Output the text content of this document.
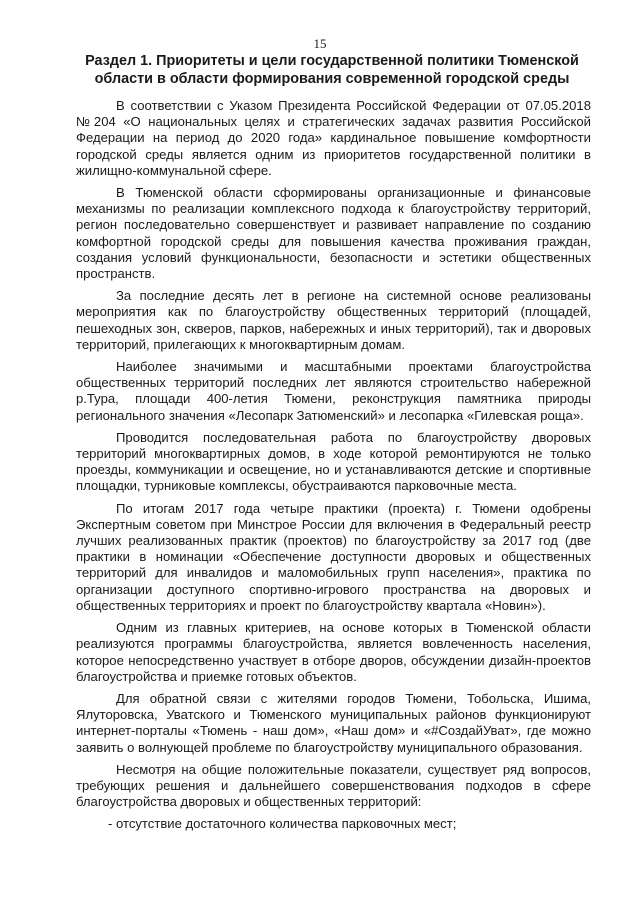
15
Раздел 1. Приоритеты и цели государственной политики Тюменской
области в области формирования современной городской среды

В соответствии с Указом Президента Российской Федерации от 07.05.2018 №204 «О национальных целях и стратегических задачах развития Российской Федерации на период до 2020 года» кардинальное повышение комфортности городской среды является одним из приоритетов государственной политики в жилищно-коммунальной сфере.

В Тюменской области сформированы организационные и финансовые механизмы по реализации комплексного подхода к благоустройству территорий, регион последовательно совершенствует и развивает направление по созданию комфортной городской среды для повышения качества проживания граждан, создания условий функциональности, безопасности и эстетики общественных пространств.

За последние десять лет в регионе на системной основе реализованы мероприятия как по благоустройству общественных территорий (площадей, пешеходных зон, скверов, парков, набережных и иных территорий), так и дворовых территорий, прилегающих к многоквартирным домам.

Наиболее значимыми и масштабными проектами благоустройства общественных территорий последних лет являются строительство набережной р.Тура, площади 400-летия Тюмени, реконструкция памятника природы регионального значения «Лесопарк Затюменский» и лесопарка «Гилевская роща».

Проводится последовательная работа по благоустройству дворовых территорий многоквартирных домов, в ходе которой ремонтируются не только проезды, коммуникации и освещение, но и устанавливаются детские и спортивные площадки, турниковые комплексы, обустраиваются парковочные места.

По итогам 2017 года четыре практики (проекта) г. Тюмени одобрены Экспертным советом при Минстрое России для включения в Федеральный реестр лучших реализованных практик (проектов) по благоустройству за 2017 год (две практики в номинации «Обеспечение доступности дворовых и общественных территорий для инвалидов и маломобильных групп населения», практика по организации доступного спортивно-игрового пространства на дворовых и общественных территориях и проект по благоустройству квартала «Новин»).

Одним из главных критериев, на основе которых в Тюменской области реализуются программы благоустройства, является вовлеченность населения, которое непосредственно участвует в отборе дворов, обсуждении дизайн-проектов благоустройства и приемке готовых объектов.

Для обратной связи с жителями городов Тюмени, Тобольска, Ишима, Ялуторовска, Уватского и Тюменского муниципальных районов функционируют интернет-порталы «Тюмень - наш дом», «Наш дом» и «#СоздайУват», где можно заявить о волнующей проблеме по благоустройству муниципального образования.

Несмотря на общие положительные показатели, существует ряд вопросов, требующих решения и дальнейшего совершенствования подходов в сфере благоустройства дворовых и общественных территорий:

- отсутствие достаточного количества парковочных мест;
